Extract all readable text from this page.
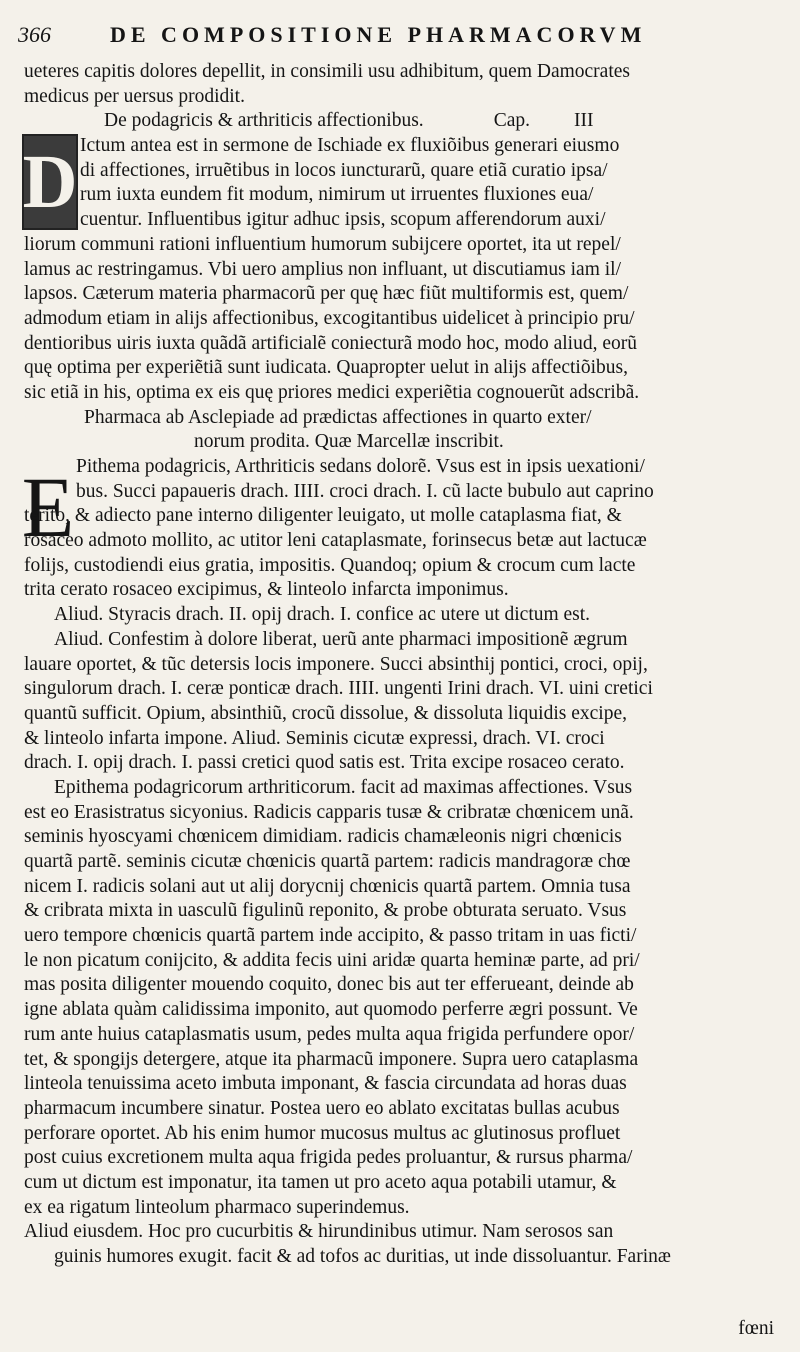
366	DE COMPOSITIONE PHARMACORVM
D
E
ueteres capitis dolores depellit, in consimili usu adhibitum, quem Damocrates
medicus per uersus prodidit.
De podagricis & arthriticis affectionibus.	Cap. III
Ictum antea est in sermone de Ischiade ex fluxiõibus generari eiusmo
di affectiones, irruẽtibus in locos iuncturarũ, quare etiã curatio ipsa/
rum iuxta eundem fit modum, nimirum ut irruentes fluxiones eua/
cuentur. Influentibus igitur adhuc ipsis, scopum afferendorum auxi/
liorum communi rationi influentium humorum subijcere oportet, ita ut repel/
lamus ac restringamus. Vbi uero amplius non influant, ut discutiamus iam il/
lapsos. Cæterum materia pharmacorũ per quę hæc fiũt multiformis est, quem/
admodum etiam in alijs affectionibus, excogitantibus uidelicet à principio pru/
dentioribus uiris iuxta quãdã artificialẽ coniecturã modo hoc, modo aliud, eorũ
quę optima per experiẽtiã sunt iudicata. Quapropter uelut in alijs affectiõibus,
sic etiã in his, optima ex eis quę priores medici experiẽtia cognouerũt adscribã.
Pharmaca ab Asclepiade ad prædictas affectiones in quarto exter/
norum prodita. Quæ Marcellæ inscribit.
Pithema podagricis, Arthriticis sedans dolorẽ. Vsus est in ipsis uexationi/
bus. Succi papaueris drach. IIII. croci drach. I. cũ lacte bubulo aut caprino
terito, & adiecto pane interno diligenter leuigato, ut molle cataplasma fiat, &
rosaceo admoto mollito, ac utitor leni cataplasmate, forinsecus betæ aut lactucæ
folijs, custodiendi eius gratia, impositis. Quandoq; opium & crocum cum lacte
trita cerato rosaceo excipimus, & linteolo infarcta imponimus.
Aliud. Styracis drach. II. opij drach. I. confice ac utere ut dictum est.
Aliud. Confestim à dolore liberat, uerũ ante pharmaci impositionẽ ægrum
lauare oportet, & tũc detersis locis imponere. Succi absinthij pontici, croci, opij,
singulorum drach. I. ceræ ponticæ drach. IIII. ungenti Irini drach. VI. uini cretici
quantũ sufficit. Opium, absinthiũ, crocũ dissolue, & dissoluta liquidis excipe,
& linteolo infarta impone. Aliud. Seminis cicutæ expressi, drach. VI. croci
drach. I. opij drach. I. passi cretici quod satis est. Trita excipe rosaceo cerato.
Epithema podagricorum arthriticorum. facit ad maximas affectiones. Vsus
est eo Erasistratus sicyonius. Radicis capparis tusæ & cribratæ chœnicem unã.
seminis hyoscyami chœnicem dimidiam. radicis chamæleonis nigri chœnicis
quartã partẽ. seminis cicutæ chœnicis quartã partem: radicis mandragoræ chœ
nicem I. radicis solani aut ut alij dorycnij chœnicis quartã partem. Omnia tusa
& cribrata mixta in uasculũ figulinũ reponito, & probe obturata seruato. Vsus
uero tempore chœnicis quartã partem inde accipito, & passo tritam in uas ficti/
le non picatum conijcito, & addita fecis uini aridæ quarta heminæ parte, ad pri/
mas posita diligenter mouendo coquito, donec bis aut ter efferueant, deinde ab
igne ablata quàm calidissima imponito, aut quomodo perferre ægri possunt. Ve
rum ante huius cataplasmatis usum, pedes multa aqua frigida perfundere opor/
tet, & spongijs detergere, atque ita pharmacũ imponere. Supra uero cataplasma
linteola tenuissima aceto imbuta imponant, & fascia circundata ad horas duas
pharmacum incumbere sinatur. Postea uero eo ablato excitatas bullas acubus
perforare oportet. Ab his enim humor mucosus multus ac glutinosus profluet
post cuius excretionem multa aqua frigida pedes proluantur, & rursus pharma/
cum ut dictum est imponatur, ita tamen ut pro aceto aqua potabili utamur, &
ex ea rigatum linteolum pharmaco superindemus.
Aliud eiusdem. Hoc pro cucurbitis & hirundinibus utimur. Nam serosos san
guinis humores exugit. facit & ad tofos ac duritias, ut inde dissoluantur. Farinæ
fœni
